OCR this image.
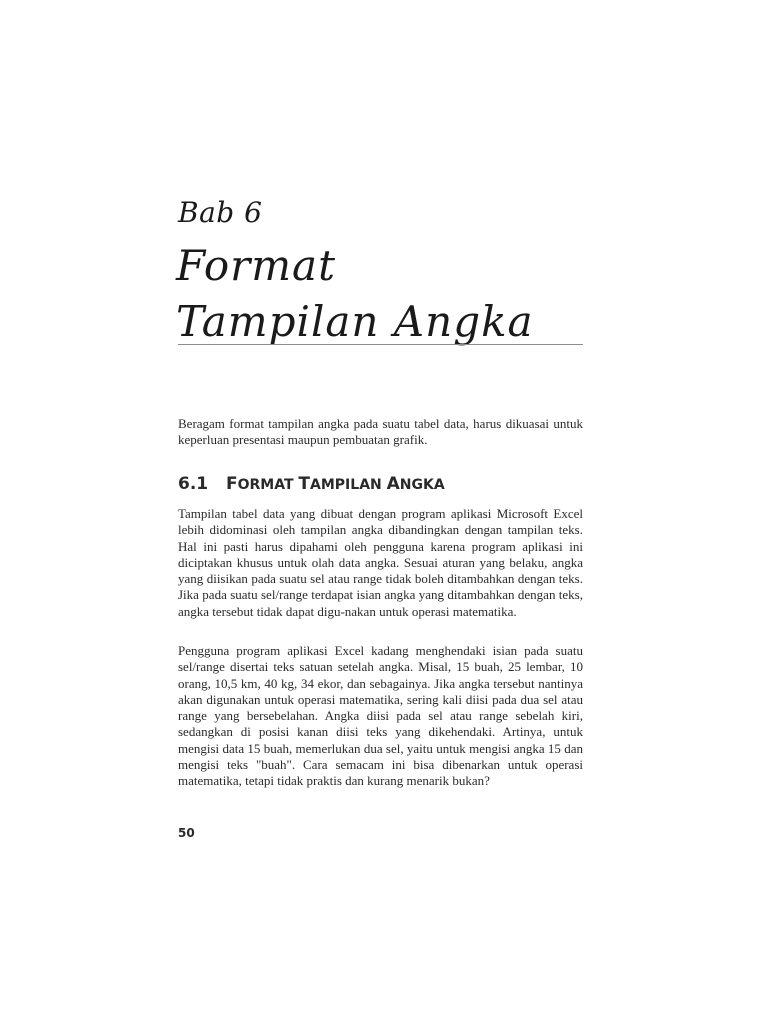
Bab 6
Format
Tampilan Angka

Beragam format tampilan angka pada suatu tabel data, harus dikuasai untuk keperluan presentasi maupun pembuatan grafik.

6.1 FORMAT TAMPILAN ANGKA

Tampilan tabel data yang dibuat dengan program aplikasi Microsoft Excel lebih didominasi oleh tampilan angka dibandingkan dengan tampilan teks. Hal ini pasti harus dipahami oleh pengguna karena program aplikasi ini diciptakan khusus untuk olah data angka. Sesuai aturan yang belaku, angka yang diisikan pada suatu sel atau range tidak boleh ditambahkan dengan teks. Jika pada suatu sel/range terdapat isian angka yang ditambahkan dengan teks, angka tersebut tidak dapat digu-nakan untuk operasi matematika.

Pengguna program aplikasi Excel kadang menghendaki isian pada suatu sel/range disertai teks satuan setelah angka. Misal, 15 buah, 25 lembar, 10 orang, 10,5 km, 40 kg, 34 ekor, dan sebagainya. Jika angka tersebut nantinya akan digunakan untuk operasi matematika, sering kali diisi pada dua sel atau range yang bersebelahan. Angka diisi pada sel atau range sebelah kiri, sedangkan di posisi kanan diisi teks yang dikehendaki. Artinya, untuk mengisi data 15 buah, memerlukan dua sel, yaitu untuk mengisi angka 15 dan mengisi teks "buah". Cara semacam ini bisa dibenarkan untuk operasi matematika, tetapi tidak praktis dan kurang menarik bukan?

50
